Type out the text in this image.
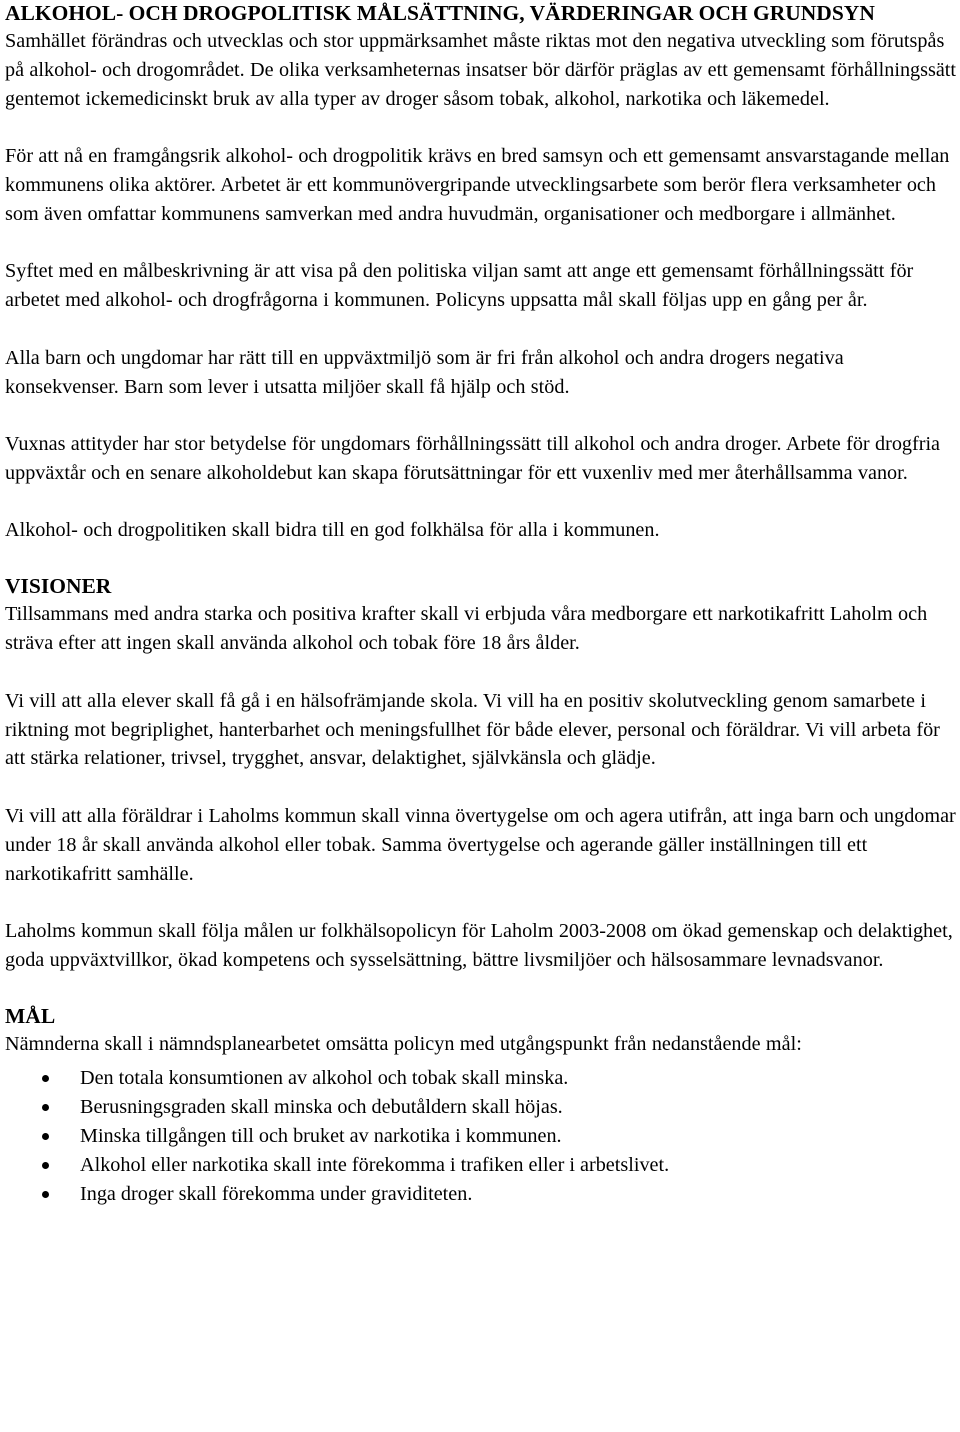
ALKOHOL- OCH DROGPOLITISK MÅLSÄTTNING, VÄRDERINGAR OCH GRUNDSYN

Samhället förändras och utvecklas och stor uppmärksamhet måste riktas mot den negativa utveckling som förutspås på alkohol- och drogområdet. De olika verksamheternas insatser bör därför präglas av ett gemensamt förhållningssätt gentemot ickemedicinskt bruk av alla typer av droger såsom tobak, alkohol, narkotika och läkemedel.

För att nå en framgångsrik alkohol- och drogpolitik krävs en bred samsyn och ett gemensamt ansvarstagande mellan kommunens olika aktörer. Arbetet är ett kommunövergripande utvecklingsarbete som berör flera verksamheter och som även omfattar kommunens samverkan med andra huvudmän, organisationer och medborgare i allmänhet.

Syftet med en målbeskrivning är att visa på den politiska viljan samt att ange ett gemensamt förhållningssätt för arbetet med alkohol- och drogfrågorna i kommunen. Policyns uppsatta mål skall följas upp en gång per år.

Alla barn och ungdomar har rätt till en uppväxtmiljö som är fri från alkohol och andra drogers negativa konsekvenser. Barn som lever i utsatta miljöer skall få hjälp och stöd.

Vuxnas attityder har stor betydelse för ungdomars förhållningssätt till alkohol och andra droger. Arbete för drogfria uppväxtår och en senare alkoholdebut kan skapa förutsättningar för ett vuxenliv med mer återhållsamma vanor.

Alkohol- och drogpolitiken skall bidra till en god folkhälsa för alla i kommunen.

VISIONER

Tillsammans med andra starka och positiva krafter skall vi erbjuda våra medborgare ett narkotikafritt Laholm och sträva efter att ingen skall använda alkohol och tobak före 18 års ålder.

Vi vill att alla elever skall få gå i en hälsofrämjande skola. Vi vill ha en positiv skolutveckling genom samarbete i riktning mot begriplighet, hanterbarhet och meningsfullhet för både elever, personal och föräldrar. Vi vill arbeta för att stärka relationer, trivsel, trygghet, ansvar, delaktighet, självkänsla och glädje.

Vi vill att alla föräldrar i Laholms kommun skall vinna övertygelse om och agera utifrån, att inga barn och ungdomar under 18 år skall använda alkohol eller tobak. Samma övertygelse och agerande gäller inställningen till ett narkotikafritt samhälle.

Laholms kommun skall följa målen ur folkhälsopolicyn för Laholm 2003-2008 om ökad gemenskap och delaktighet, goda uppväxtvillkor, ökad kompetens och sysselsättning, bättre livsmiljöer och hälsosammare levnadsvanor.

MÅL

Nämnderna skall i nämndsplanearbetet omsätta policyn med utgångspunkt från nedanstående mål:

Den totala konsumtionen av alkohol och tobak skall minska.
Berusningsgraden skall minska och debutåldern skall höjas.
Minska tillgången till och bruket av narkotika i kommunen.
Alkohol eller narkotika skall inte förekomma i trafiken eller i arbetslivet.
Inga droger skall förekomma under graviditeten.
